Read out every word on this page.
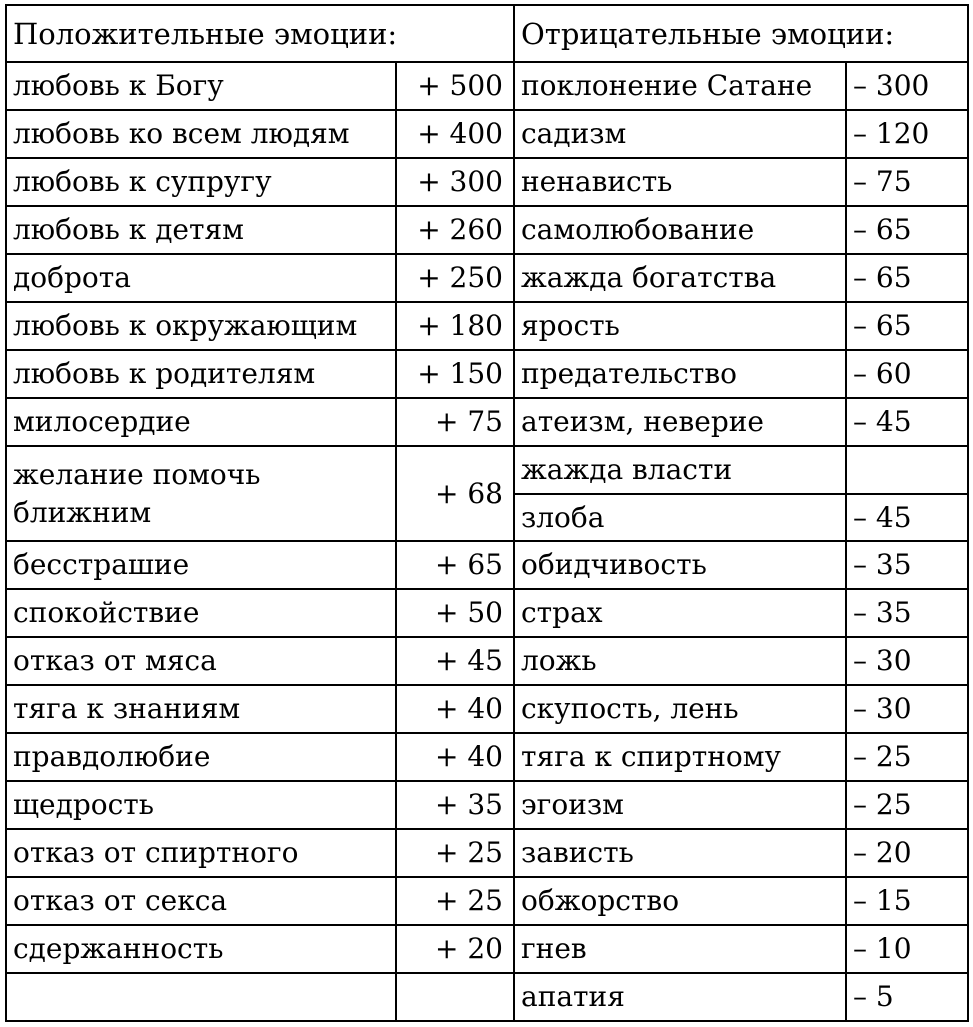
Положительные эмоции:		Отрицательные эмоции:	
любовь к Богу	+ 500	поклонение Сатане	– 300
любовь ко всем людям	+ 400	садизм	– 120
любовь к супругу	+ 300	ненависть	– 75
любовь к детям	+ 260	самолюбование	– 65
доброта	+ 250	жажда богатства	– 65
любовь к окружающим	+ 180	ярость	– 65
любовь к родителям	+ 150	предательство	– 60
милосердие	+ 75	атеизм, неверие	– 45
желание помочь ближним	+ 68	жажда власти	
		злоба	– 45
бесстрашие	+ 65	обидчивость	– 35
спокойствие	+ 50	страх	– 35
отказ от мяса	+ 45	ложь	– 30
тяга к знаниям	+ 40	скупость, лень	– 30
правдолюбие	+ 40	тяга к спиртному	– 25
щедрость	+ 35	эгоизм	– 25
отказ от спиртного	+ 25	зависть	– 20
отказ от секса	+ 25	обжорство	– 15
сдержанность	+ 20	гнев	– 10
		апатия	– 5
